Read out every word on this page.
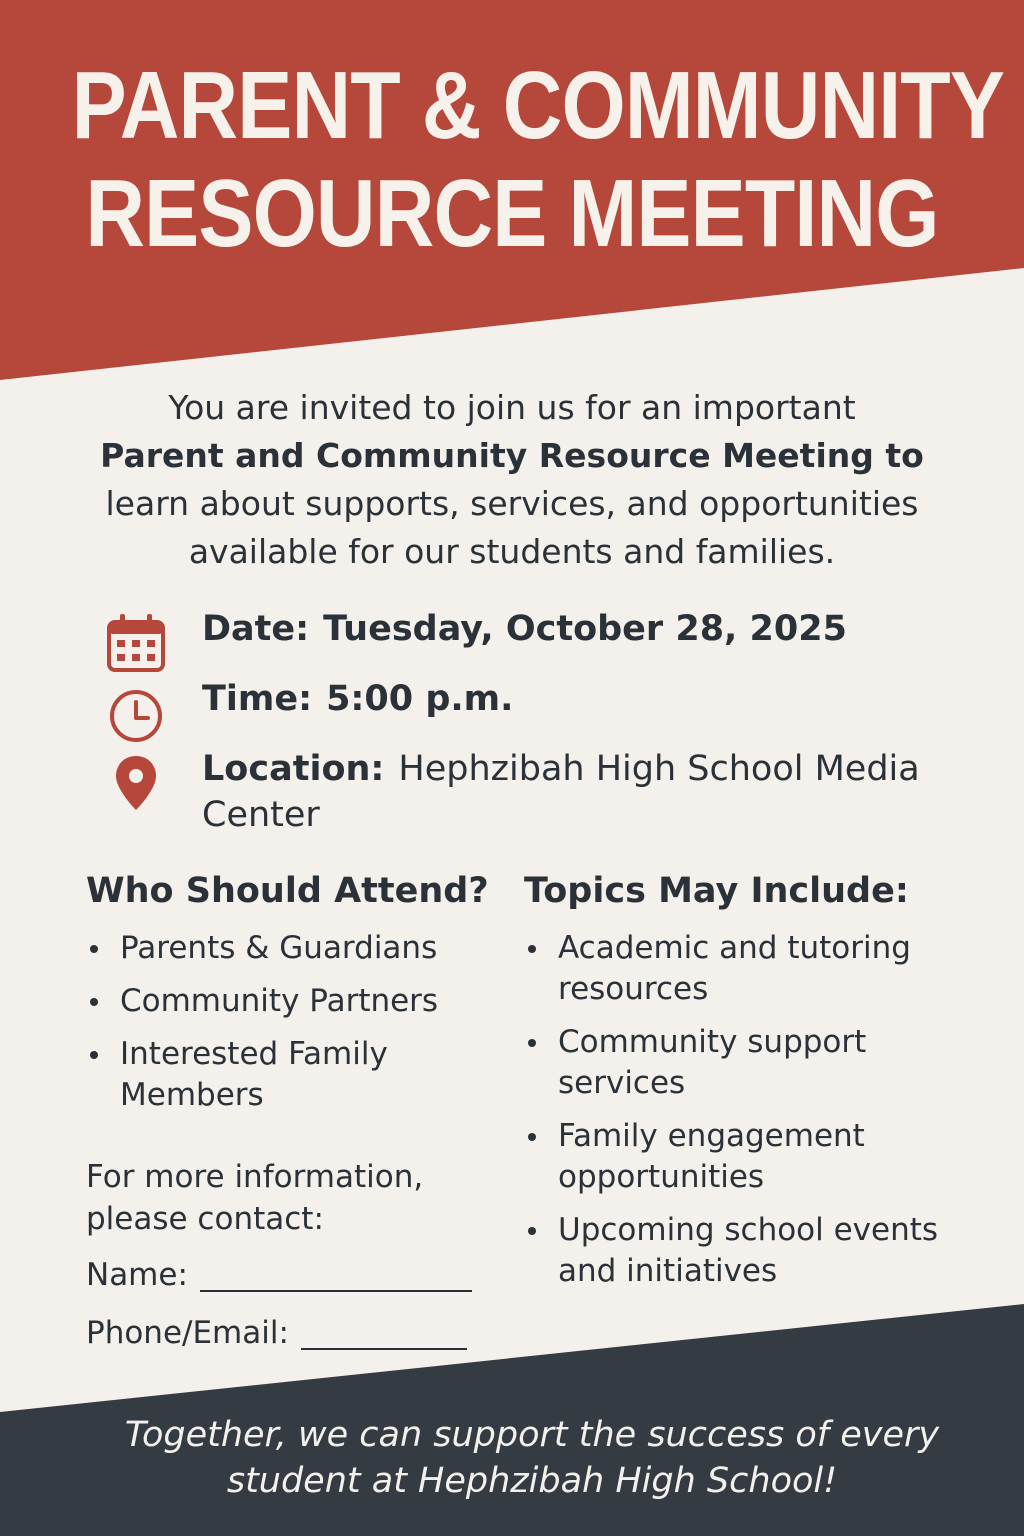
PARENT & COMMUNITY
RESOURCE MEETING
You are invited to join us for an important
Parent and Community Resource Meeting to
learn about supports, services, and opportunities
available for our students and families.
Date: Tuesday, October 28, 2025
Time: 5:00 p.m.
Location: Hephzibah High School Media Center
Who Should Attend?
Parents & Guardians
Community Partners
Interested Family Members
Topics May Include:
Academic and tutoring resources
Community support services
Family engagement opportunities
Upcoming school events and initiatives
For more information, please contact:
Name:
Phone/Email:
Together, we can support the success of every
student at Hephzibah High School!
